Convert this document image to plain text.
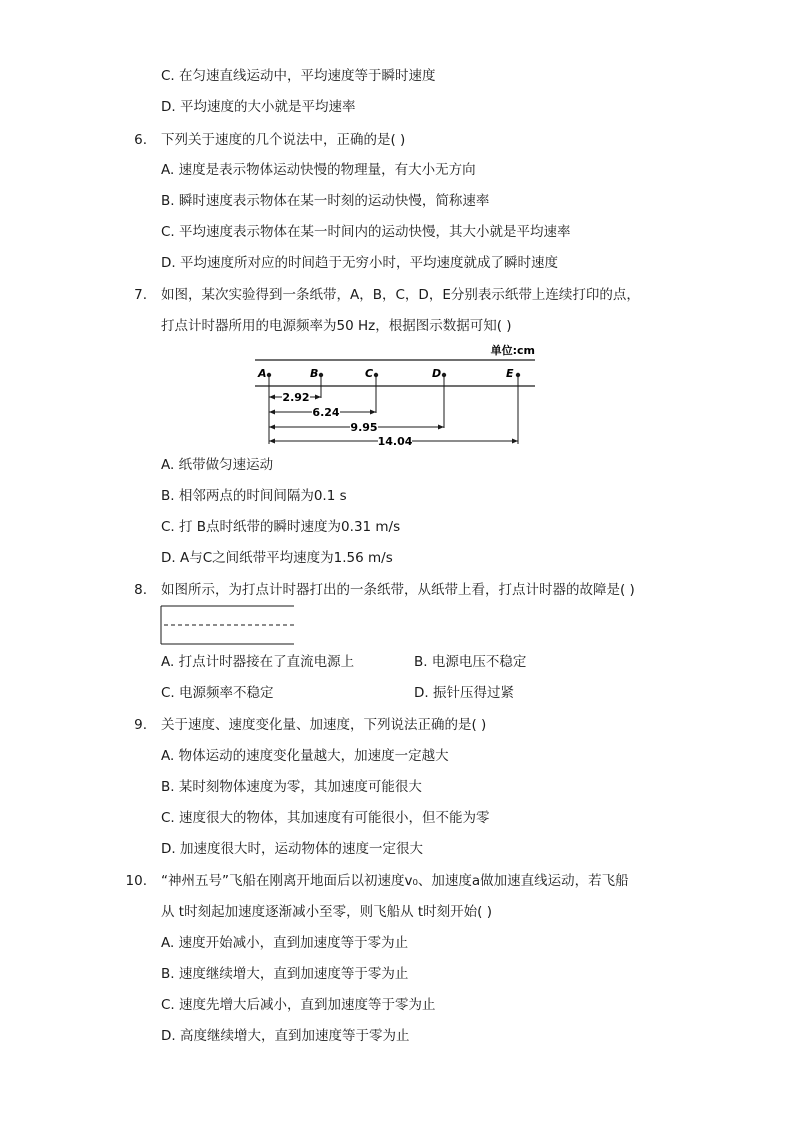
C. 在匀速直线运动中，平均速度等于瞬时速度
D. 平均速度的大小就是平均速率
6. 下列关于速度的几个说法中，正确的是( )
A. 速度是表示物体运动快慢的物理量，有大小无方向
B. 瞬时速度表示物体在某一时刻的运动快慢，简称速率
C. 平均速度表示物体在某一时间内的运动快慢，其大小就是平均速率
D. 平均速度所对应的时间趋于无穷小时，平均速度就成了瞬时速度
7. 如图，某次实验得到一条纸带，A，B，C，D，E分别表示纸带上连续打印的点，
打点计时器所用的电源频率为50 Hz，根据图示数据可知( )
单位:cm
A	B	C	D	E
2.92
6.24
9.95
14.04
A. 纸带做匀速运动
B. 相邻两点的时间间隔为0.1 s
C. 打 B点时纸带的瞬时速度为0.31 m/s
D. A与C之间纸带平均速度为1.56 m/s
8. 如图所示，为打点计时器打出的一条纸带，从纸带上看，打点计时器的故障是( )
A. 打点计时器接在了直流电源上	B. 电源电压不稳定
C. 电源频率不稳定	D. 振针压得过紧
9. 关于速度、速度变化量、加速度，下列说法正确的是( )
A. 物体运动的速度变化量越大，加速度一定越大
B. 某时刻物体速度为零，其加速度可能很大
C. 速度很大的物体，其加速度有可能很小，但不能为零
D. 加速度很大时，运动物体的速度一定很大
10. “神州五号”飞船在刚离开地面后以初速度v₀、加速度a做加速直线运动，若飞船
从 t时刻起加速度逐渐减小至零，则飞船从 t时刻开始( )
A. 速度开始减小，直到加速度等于零为止
B. 速度继续增大，直到加速度等于零为止
C. 速度先增大后减小，直到加速度等于零为止
D. 高度继续增大，直到加速度等于零为止
